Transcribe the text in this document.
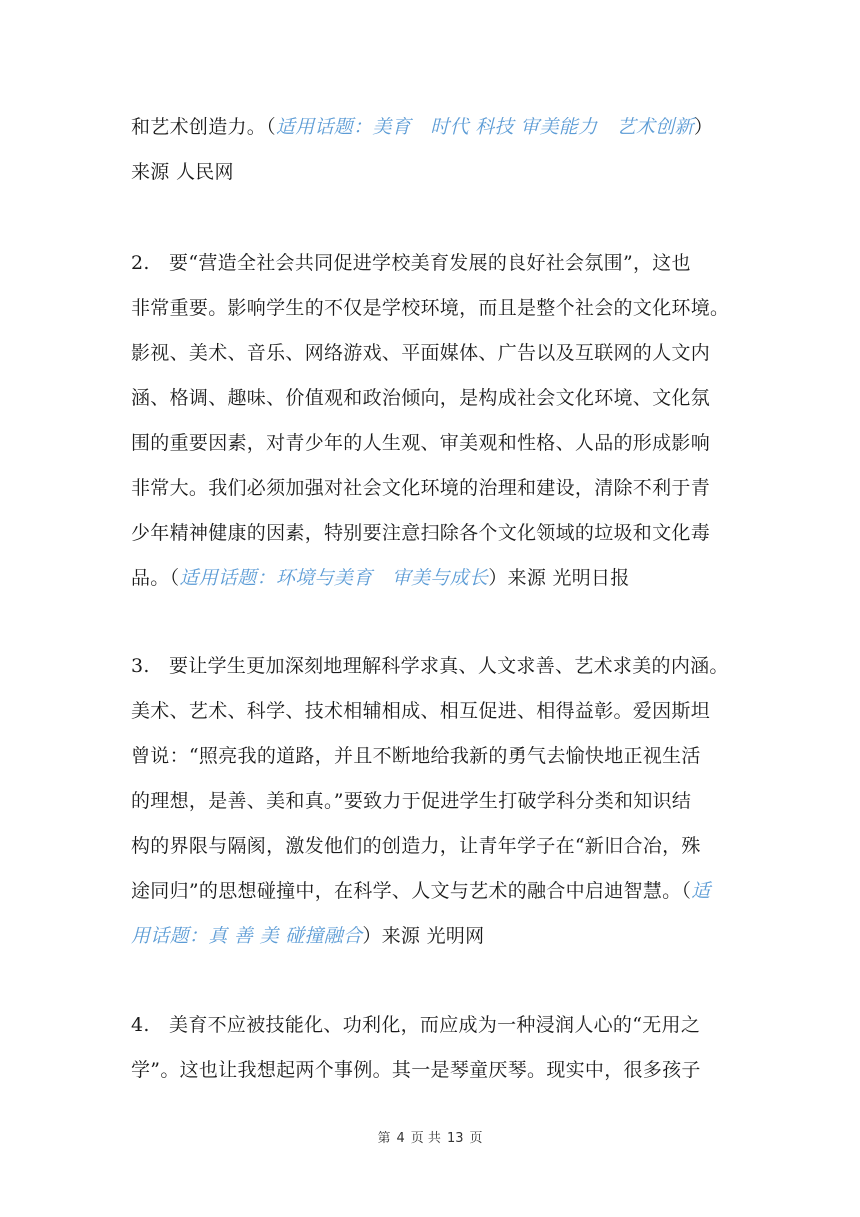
和艺术创造力。（适用话题：美育　时代 科技 审美能力　艺术创新）
来源 人民网
2.　要“营造全社会共同促进学校美育发展的良好社会氛围”，这也
非常重要。影响学生的不仅是学校环境，而且是整个社会的文化环境。
影视、美术、音乐、网络游戏、平面媒体、广告以及互联网的人文内
涵、格调、趣味、价值观和政治倾向，是构成社会文化环境、文化氛
围的重要因素，对青少年的人生观、审美观和性格、人品的形成影响
非常大。我们必须加强对社会文化环境的治理和建设，清除不利于青
少年精神健康的因素，特别要注意扫除各个文化领域的垃圾和文化毒
品。（适用话题：环境与美育　审美与成长）来源 光明日报
3.　要让学生更加深刻地理解科学求真、人文求善、艺术求美的内涵。
美术、艺术、科学、技术相辅相成、相互促进、相得益彰。爱因斯坦
曾说：“照亮我的道路，并且不断地给我新的勇气去愉快地正视生活
的理想，是善、美和真。”要致力于促进学生打破学科分类和知识结
构的界限与隔阂，激发他们的创造力，让青年学子在“新旧合冶，殊
途同归”的思想碰撞中，在科学、人文与艺术的融合中启迪智慧。（适
用话题：真 善 美 碰撞融合）来源 光明网
4.　美育不应被技能化、功利化，而应成为一种浸润人心的“无用之
学”。这也让我想起两个事例。其一是琴童厌琴。现实中，很多孩子
第 4 页 共 13 页
